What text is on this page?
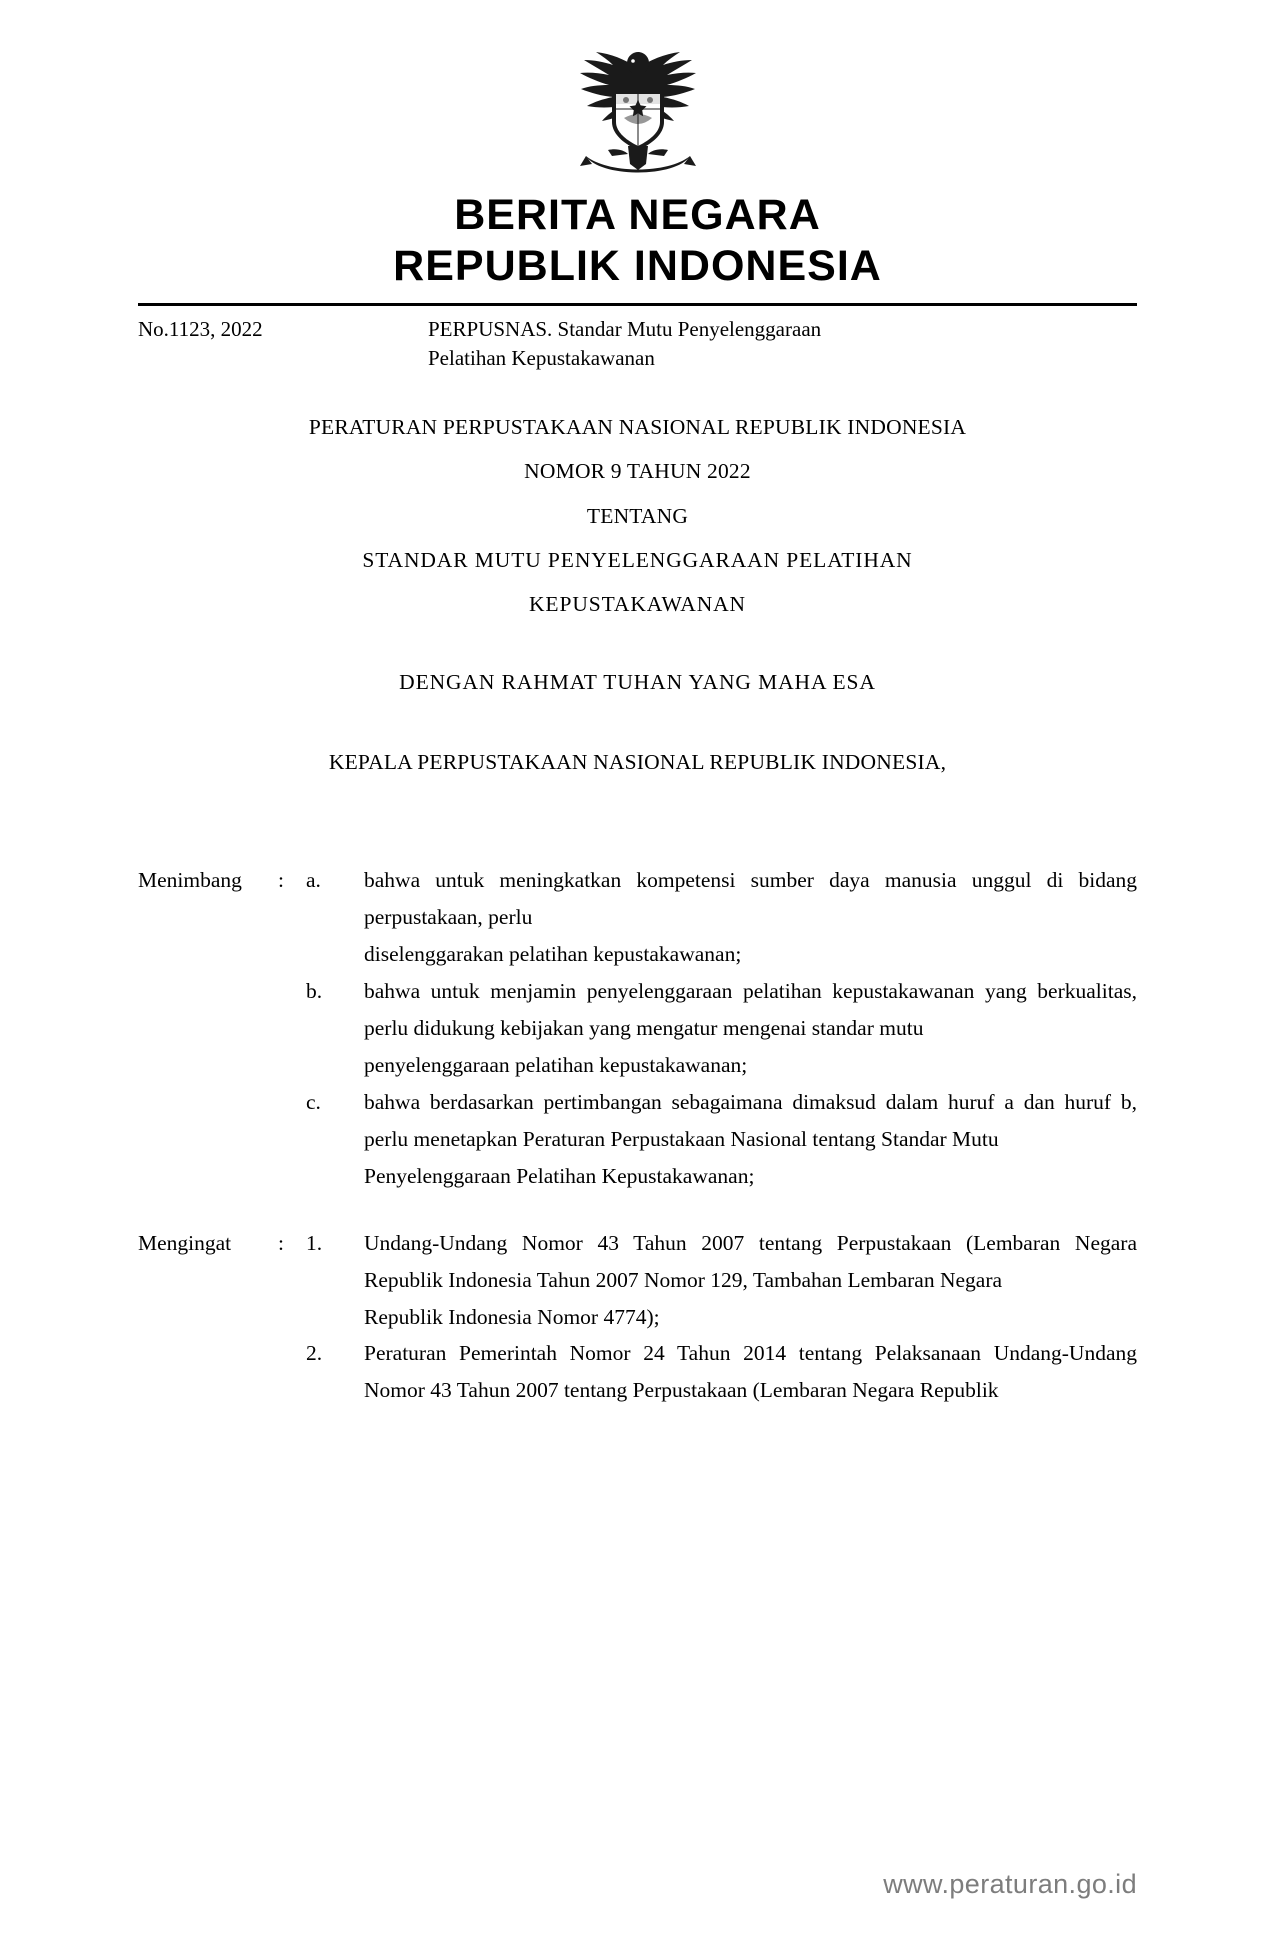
BERITA NEGARA
REPUBLIK INDONESIA
No.1123, 2022	PERPUSNAS. Standar Mutu Penyelenggaraan
Pelatihan Kepustakawanan
PERATURAN PERPUSTAKAAN NASIONAL REPUBLIK INDONESIA
NOMOR 9 TAHUN 2022
TENTANG
STANDAR MUTU PENYELENGGARAAN PELATIHAN
KEPUSTAKAWANAN
DENGAN RAHMAT TUHAN YANG MAHA ESA
KEPALA PERPUSTAKAAN NASIONAL REPUBLIK INDONESIA,
Menimbang	:	a.	bahwa untuk meningkatkan kompetensi sumber daya manusia unggul di bidang perpustakaan, perlu
diselenggarakan pelatihan kepustakawanan;
b.	bahwa untuk menjamin penyelenggaraan pelatihan kepustakawanan yang berkualitas, perlu didukung kebijakan yang mengatur mengenai standar mutu
penyelenggaraan pelatihan kepustakawanan;
c.	bahwa berdasarkan pertimbangan sebagaimana dimaksud dalam huruf a dan huruf b, perlu menetapkan Peraturan Perpustakaan Nasional tentang Standar Mutu
Penyelenggaraan Pelatihan Kepustakawanan;
Mengingat	:	1.	Undang-Undang Nomor 43 Tahun 2007 tentang Perpustakaan (Lembaran Negara Republik Indonesia Tahun 2007 Nomor 129, Tambahan Lembaran Negara
Republik Indonesia Nomor 4774);
2.	Peraturan Pemerintah Nomor 24 Tahun 2014 tentang Pelaksanaan Undang-Undang Nomor 43 Tahun 2007 tentang Perpustakaan (Lembaran Negara Republik
www.peraturan.go.id
